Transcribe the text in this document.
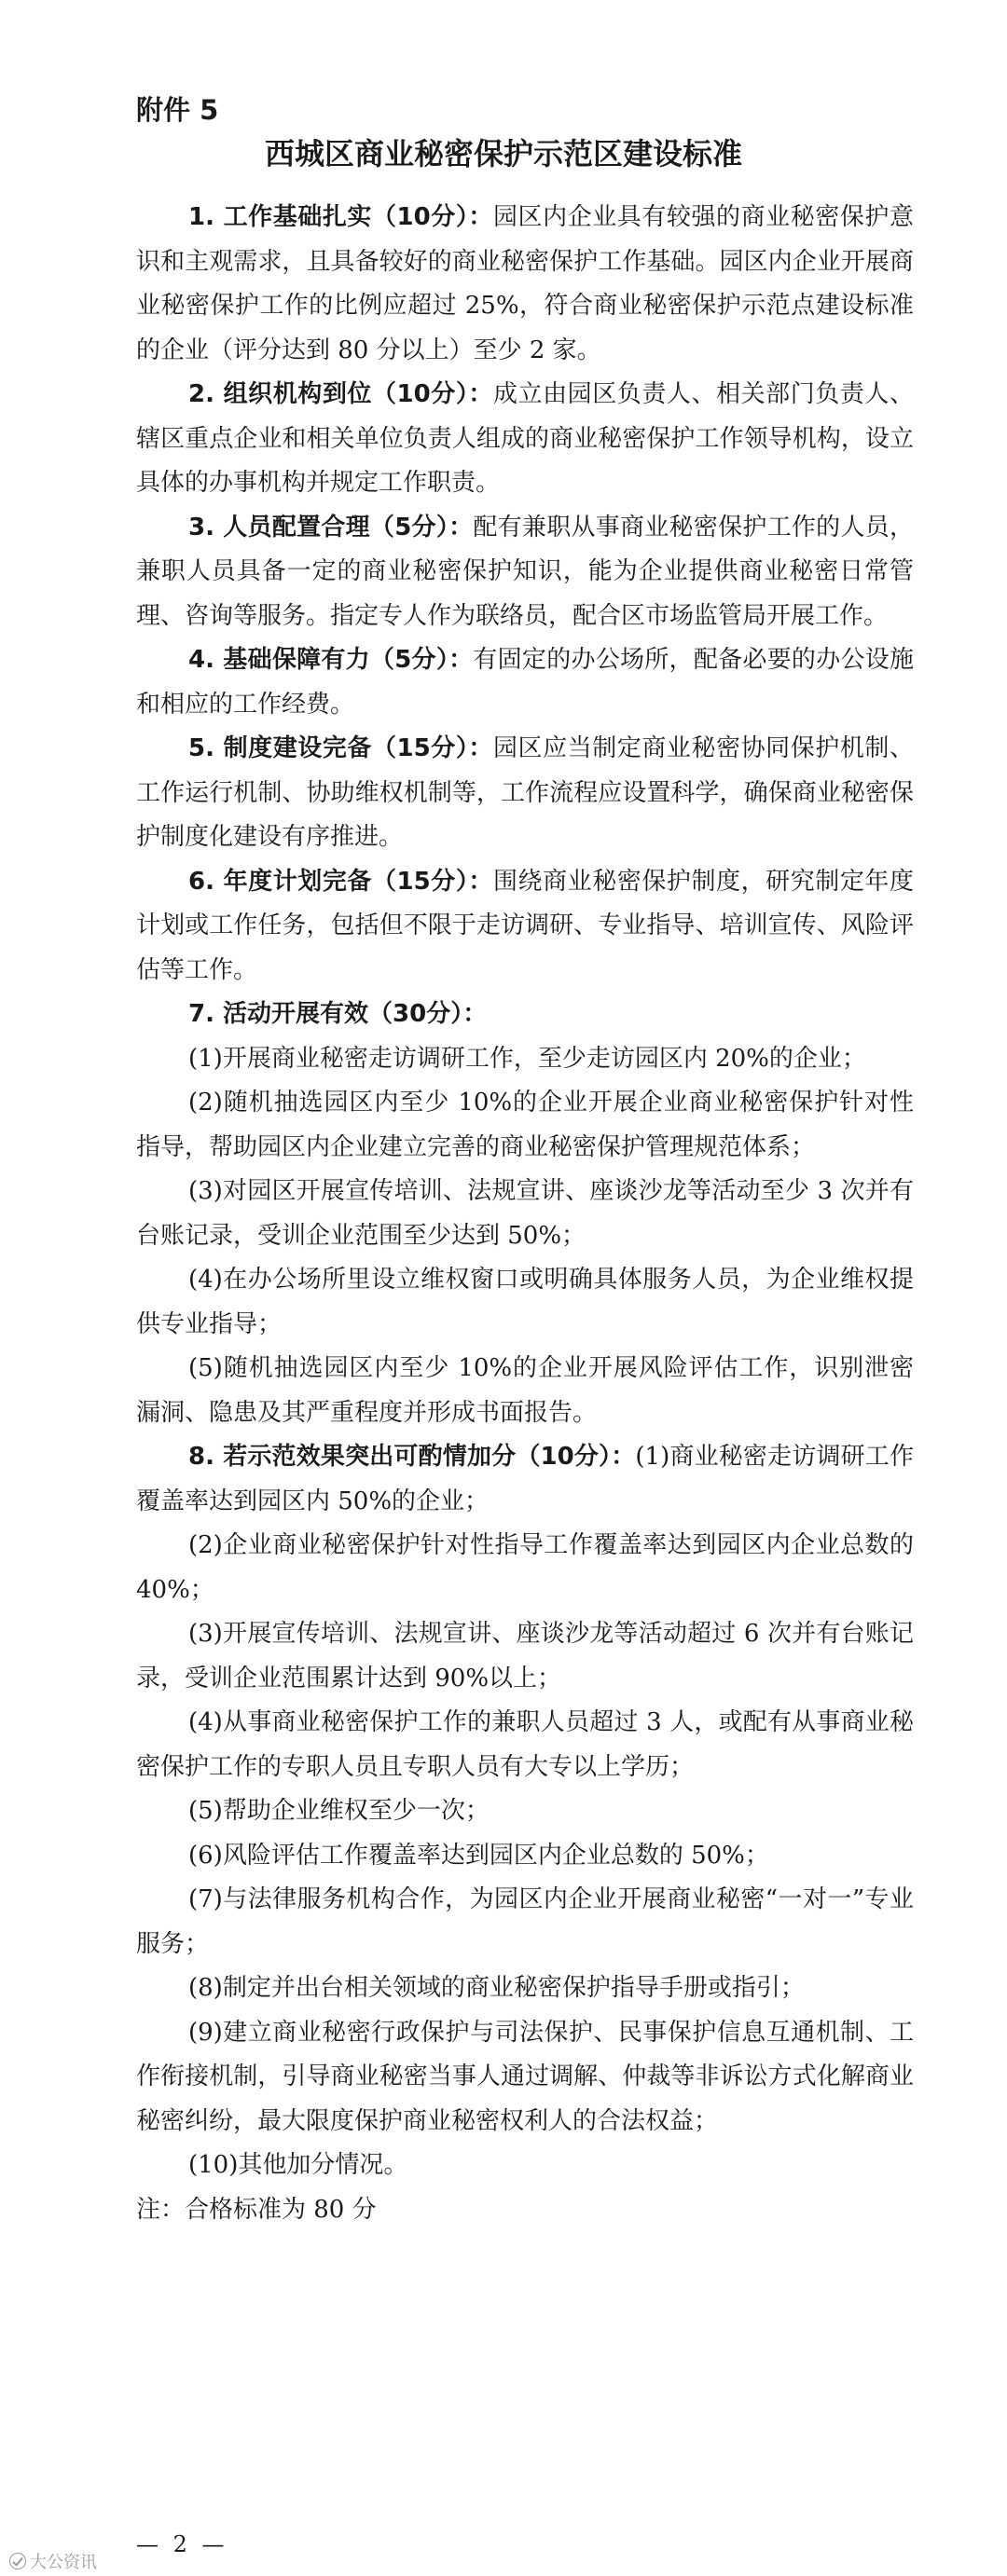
附件 5
西城区商业秘密保护示范区建设标准

1. 工作基础扎实（10分）：园区内企业具有较强的商业秘密保护意识和主观需求，且具备较好的商业秘密保护工作基础。园区内企业开展商业秘密保护工作的比例应超过 25%，符合商业秘密保护示范点建设标准的企业（评分达到 80 分以上）至少 2 家。

2. 组织机构到位（10分）：成立由园区负责人、相关部门负责人、辖区重点企业和相关单位负责人组成的商业秘密保护工作领导机构，设立具体的办事机构并规定工作职责。

3. 人员配置合理（5分）：配有兼职从事商业秘密保护工作的人员，兼职人员具备一定的商业秘密保护知识，能为企业提供商业秘密日常管理、咨询等服务。指定专人作为联络员，配合区市场监管局开展工作。

4. 基础保障有力（5分）：有固定的办公场所，配备必要的办公设施和相应的工作经费。

5. 制度建设完备（15分）：园区应当制定商业秘密协同保护机制、工作运行机制、协助维权机制等，工作流程应设置科学，确保商业秘密保护制度化建设有序推进。

6. 年度计划完备（15分）：围绕商业秘密保护制度，研究制定年度计划或工作任务，包括但不限于走访调研、专业指导、培训宣传、风险评估等工作。

7. 活动开展有效（30分）：

(1)开展商业秘密走访调研工作，至少走访园区内 20%的企业；

(2)随机抽选园区内至少 10%的企业开展企业商业秘密保护针对性指导，帮助园区内企业建立完善的商业秘密保护管理规范体系；

(3)对园区开展宣传培训、法规宣讲、座谈沙龙等活动至少 3 次并有台账记录，受训企业范围至少达到 50%；

(4)在办公场所里设立维权窗口或明确具体服务人员，为企业维权提供专业指导；

(5)随机抽选园区内至少 10%的企业开展风险评估工作，识别泄密漏洞、隐患及其严重程度并形成书面报告。

8. 若示范效果突出可酌情加分（10分）：(1)商业秘密走访调研工作覆盖率达到园区内 50%的企业；

(2)企业商业秘密保护针对性指导工作覆盖率达到园区内企业总数的 40%；

(3)开展宣传培训、法规宣讲、座谈沙龙等活动超过 6 次并有台账记录，受训企业范围累计达到 90%以上；

(4)从事商业秘密保护工作的兼职人员超过 3 人，或配有从事商业秘密保护工作的专职人员且专职人员有大专以上学历；

(5)帮助企业维权至少一次；

(6)风险评估工作覆盖率达到园区内企业总数的 50%；

(7)与法律服务机构合作，为园区内企业开展商业秘密“一对一”专业服务；

(8)制定并出台相关领域的商业秘密保护指导手册或指引；

(9)建立商业秘密行政保护与司法保护、民事保护信息互通机制、工作衔接机制，引导商业秘密当事人通过调解、仲裁等非诉讼方式化解商业秘密纠纷，最大限度保护商业秘密权利人的合法权益；

(10)其他加分情况。

注：合格标准为 80 分

— 2 —
大公资讯
